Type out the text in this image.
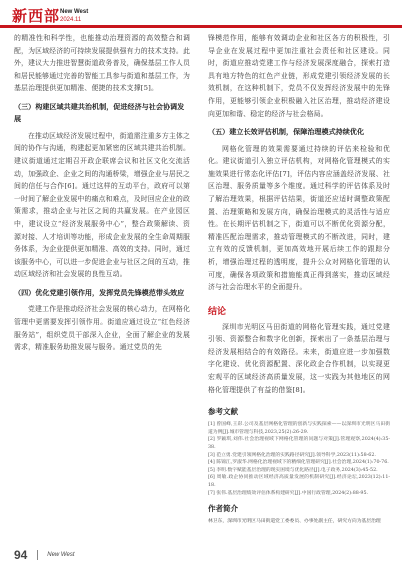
新西部 New West
2024.11

的精准性和科学性，也能推动治理资源的高效整合和调配，为区域经济的可持续发展提供强有力的技术支持。此外，建议大力推进智慧街道政务普及，确保基层工作人员和居民能够通过完善的智能工具参与街道和基层工作，为基层治理提供更加精准、便捷的技术支撑[5]。

（三）构建区域共建共治机制，促进经济与社会协调发展

在推动区域经济发展过程中，街道需注重多方主体之间的协作与沟通，构建起更加紧密的区域共建共治机制。建议街道通过定期召开政企联席会议和社区文化交流活动，加强政企、企业之间的沟通桥梁，增强企业与居民之间的信任与合作[6]。通过这样的互动平台，政府可以第一时间了解企业发展中的痛点和难点，及时回应企业的政策需求，推动企业与社区之间的共赢发展。在产业园区中，建议设立“经济发展服务中心”，整合政策解读、资源对接、人才培训等功能，形成企业发展的全生命周期服务体系，为企业提供更加精准、高效的支持。同时，通过该服务中心，可以进一步促进企业与社区之间的互动，推动区域经济和社会发展的良性互动。

（四）优化党建引领作用，发挥党员先锋模范带头效应

党建工作是推动经济社会发展的核心动力，在网格化管理中更需要发挥引领作用。街道应通过设立“红色经济服务站”，组织党员干部深入企业，全面了解企业的发展需求，精准服务助推发展与服务。通过党员的先

锋模范作用，能够有效调动企业和社区各方的积极性，引导企业在发展过程中更加注重社会责任和社区建设。同时，街道应推动党建工作与经济发展深度融合，探索打造具有地方特色的红色产业链，形成党建引领经济发展的长效机制，在这种机制下，党员不仅发挥经济发展中的先锋作用，更能够引领企业积极融入社区治理，推动经济建设向更加和谐、稳定的经济与社会格局。

（五）建立长效评估机制，保障治理模式持续优化

网格化管理的效果需要通过持续的评估来检验和优化。建议街道引入独立评估机构，对网格化管理模式的实施效果进行常态化评估[7]，评估内容应涵盖经济发展、社区治理、服务质量等多个维度。通过科学的评估体系及时了解治理效果，根据评估结果，街道还应适时调整政策配置、治理策略和发展方向，确保治理模式的灵活性与适应性。在长期评估机制之下，街道可以不断优化资源分配，精准匹配治理需求，推动管理模式的不断改进，同时，建立有效的反馈机制，更加高效地开展后续工作的跟踪分析，增强治理过程的透明度，提升公众对网格化管理的认可度，确保各项政策和措施能真正得到落实，推动区域经济与社会治理水平的全面提升。

结论

深圳市光明区马田街道的网格化管理实践，通过党建引领、资源整合和数字化创新，探索出了一条基层治理与经济发展相结合的有效路径。未来，街道应进一步加强数字化建设、优化资源配置、深化政企合作机制，以实现更宏观平的区域经济高质量发展，这一实践为其他地区的网格化管理提供了有益的借鉴[8]。

参考文献

[1] 曾国峰,王彩.公司及基层网格化管理的创新与实践探索——以深圳市光明区马田街道为例[J].城市管理与科技,2023,25(2):26-29.

[2] 罗颖琪,刘伟.社会治理视域下网格化管理的问题与对策[J].管理观察,2024(4):35-38.

[3] 范立勇.党建引领网格化治理的实践路径研究[J].领导科学,2023(11):58-62.

[4] 陈锦江,罗淑华.网格化治理视域下的精细化管理研究[J].社会治理,2024(1):70-76.

[5] 李明.数字赋能基层治理的现实困境与优化路径[J].电子政务,2024(3):45-52.

[6] 周敏.政企协同推动区域经济高质量发展的机制研究[J].经济论坛,2023(12):11-18.

[7] 张伟.基层治理绩效评估体系构建研究[J].中国行政管理,2024(2):88-95.

作者简介

林卫东，深圳市光明区马田街道党工委委员、办事处副主任，研究方向为基层治理

94	New West
